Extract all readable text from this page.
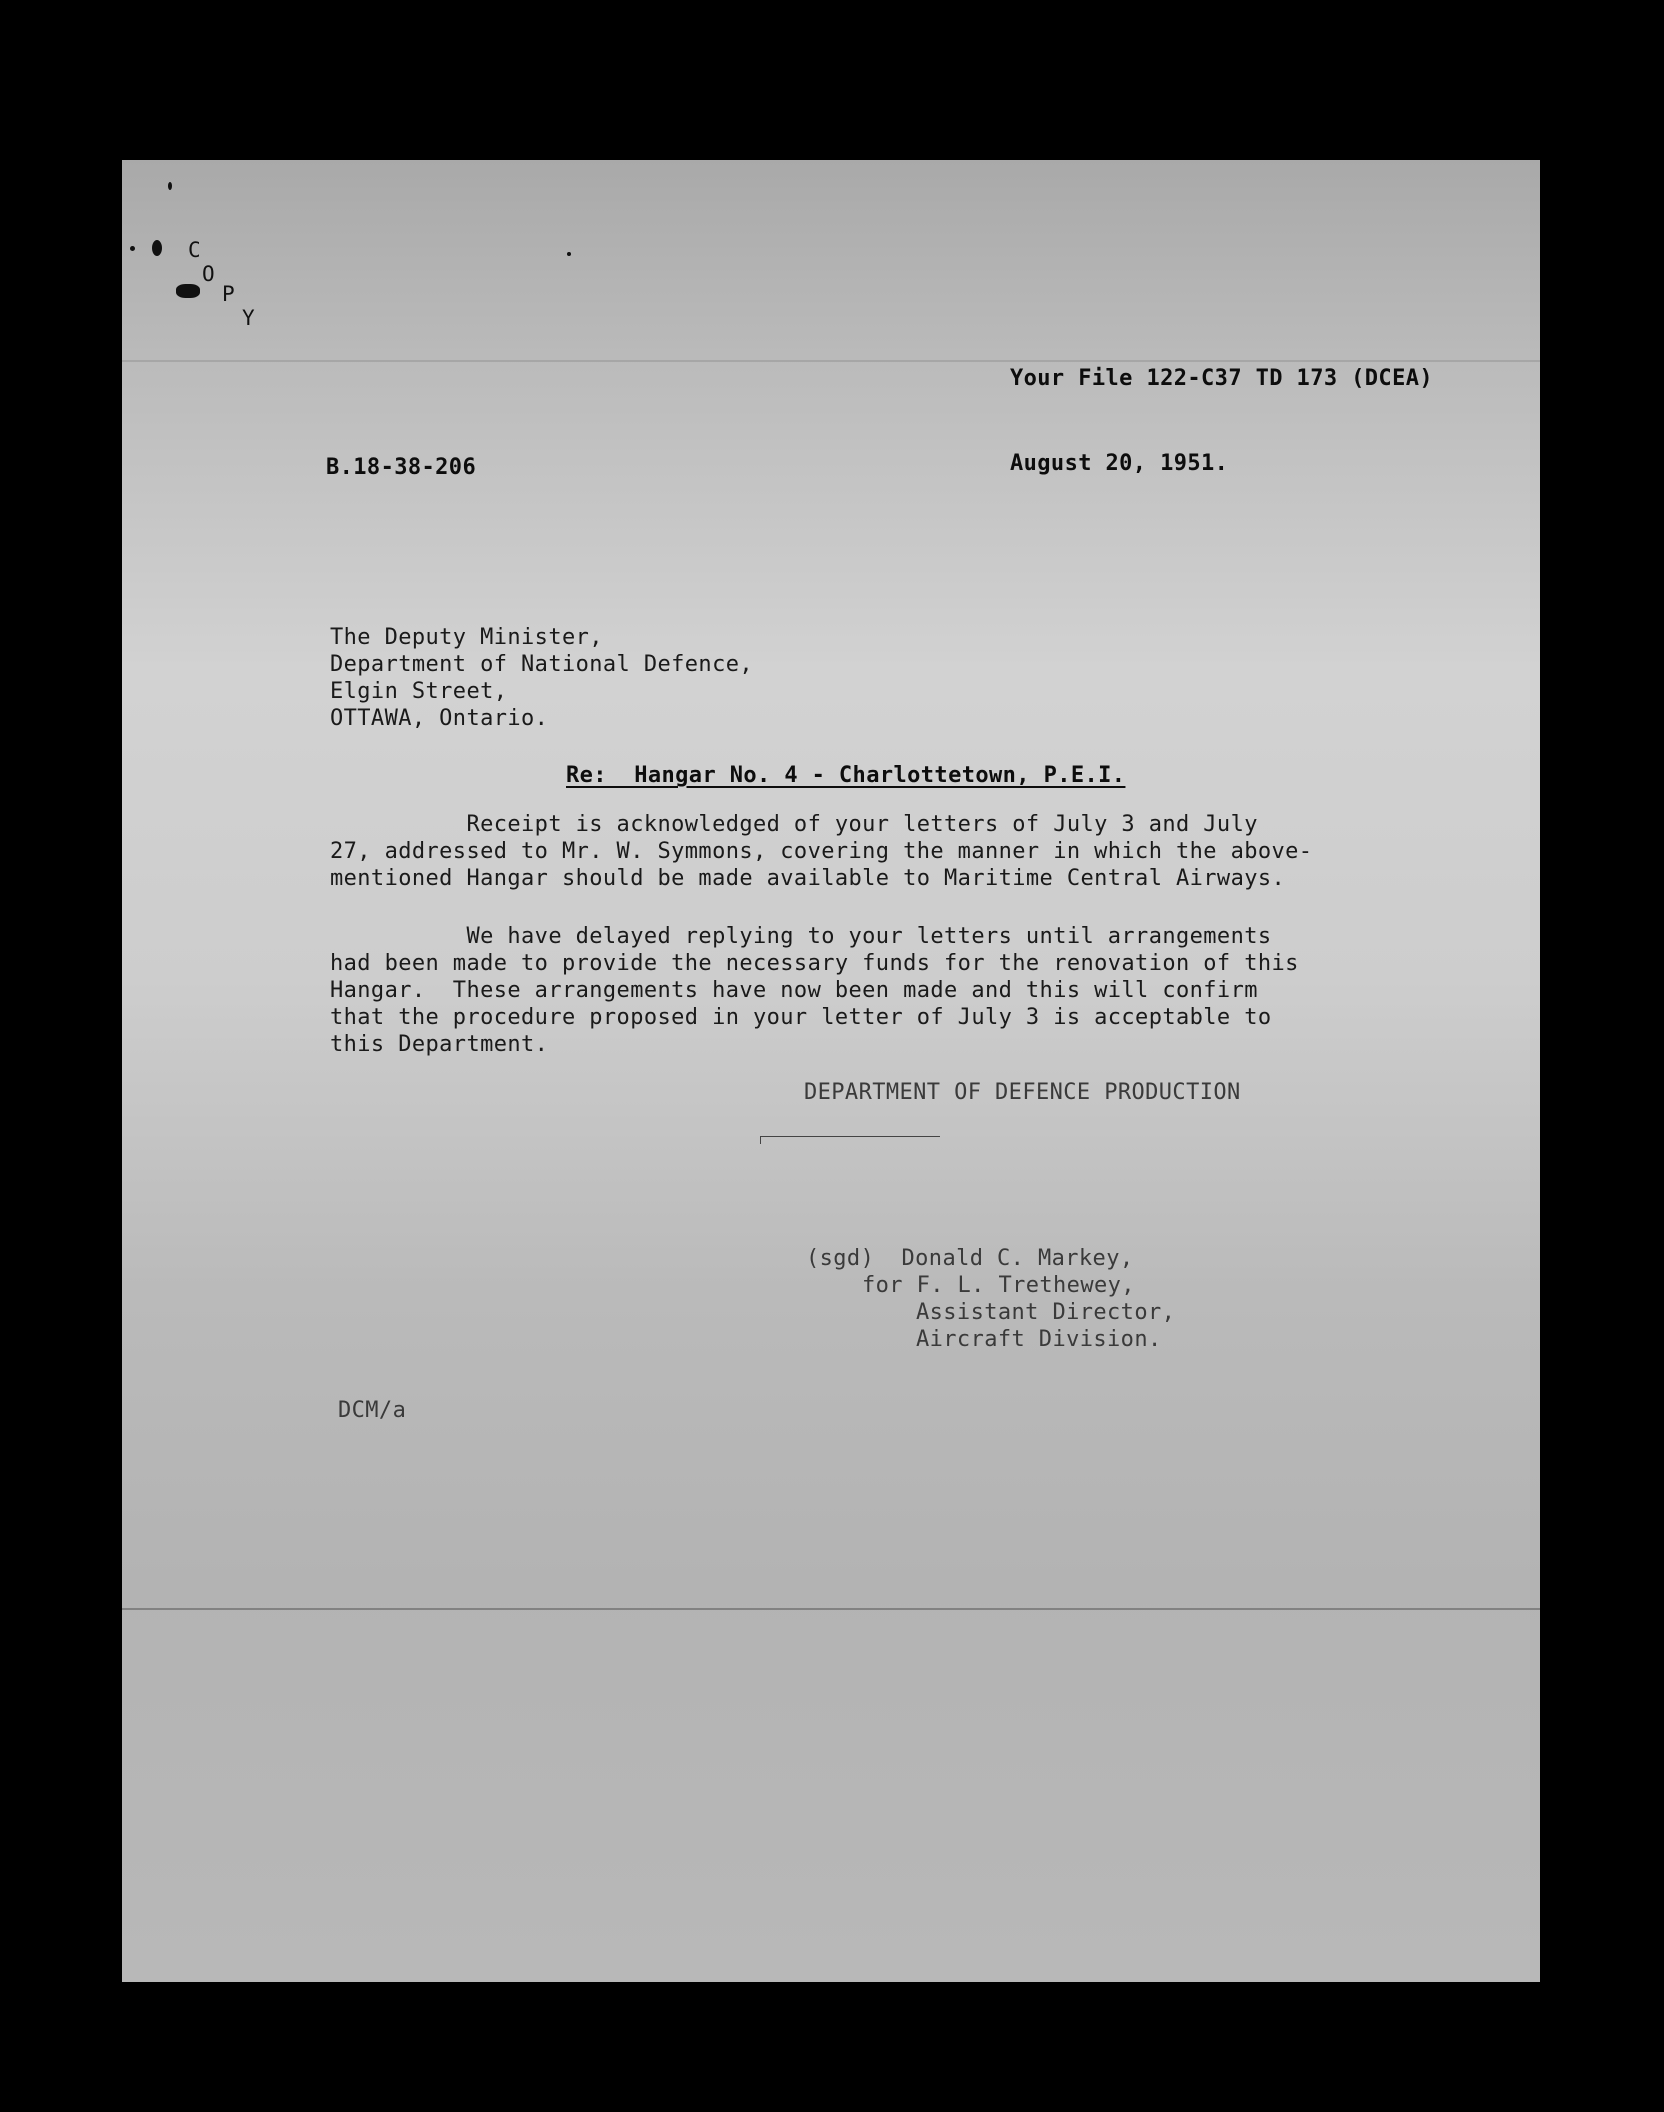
C
O
P
Y
Your File 122-C37 TD 173 (DCEA)
B.18-38-206	August 20, 1951.
The Deputy Minister,
Department of National Defence,
Elgin Street,
OTTAWA, Ontario.
Re:  Hangar No. 4 - Charlottetown, P.E.I.
Receipt is acknowledged of your letters of July 3 and July
27, addressed to Mr. W. Symmons, covering the manner in which the above-
mentioned Hangar should be made available to Maritime Central Airways.
We have delayed replying to your letters until arrangements
had been made to provide the necessary funds for the renovation of this
Hangar.  These arrangements have now been made and this will confirm
that the procedure proposed in your letter of July 3 is acceptable to
this Department.
DEPARTMENT OF DEFENCE PRODUCTION
(sgd)  Donald C. Markey,
for F. L. Trethewey,
Assistant Director,
Aircraft Division.
DCM/a
